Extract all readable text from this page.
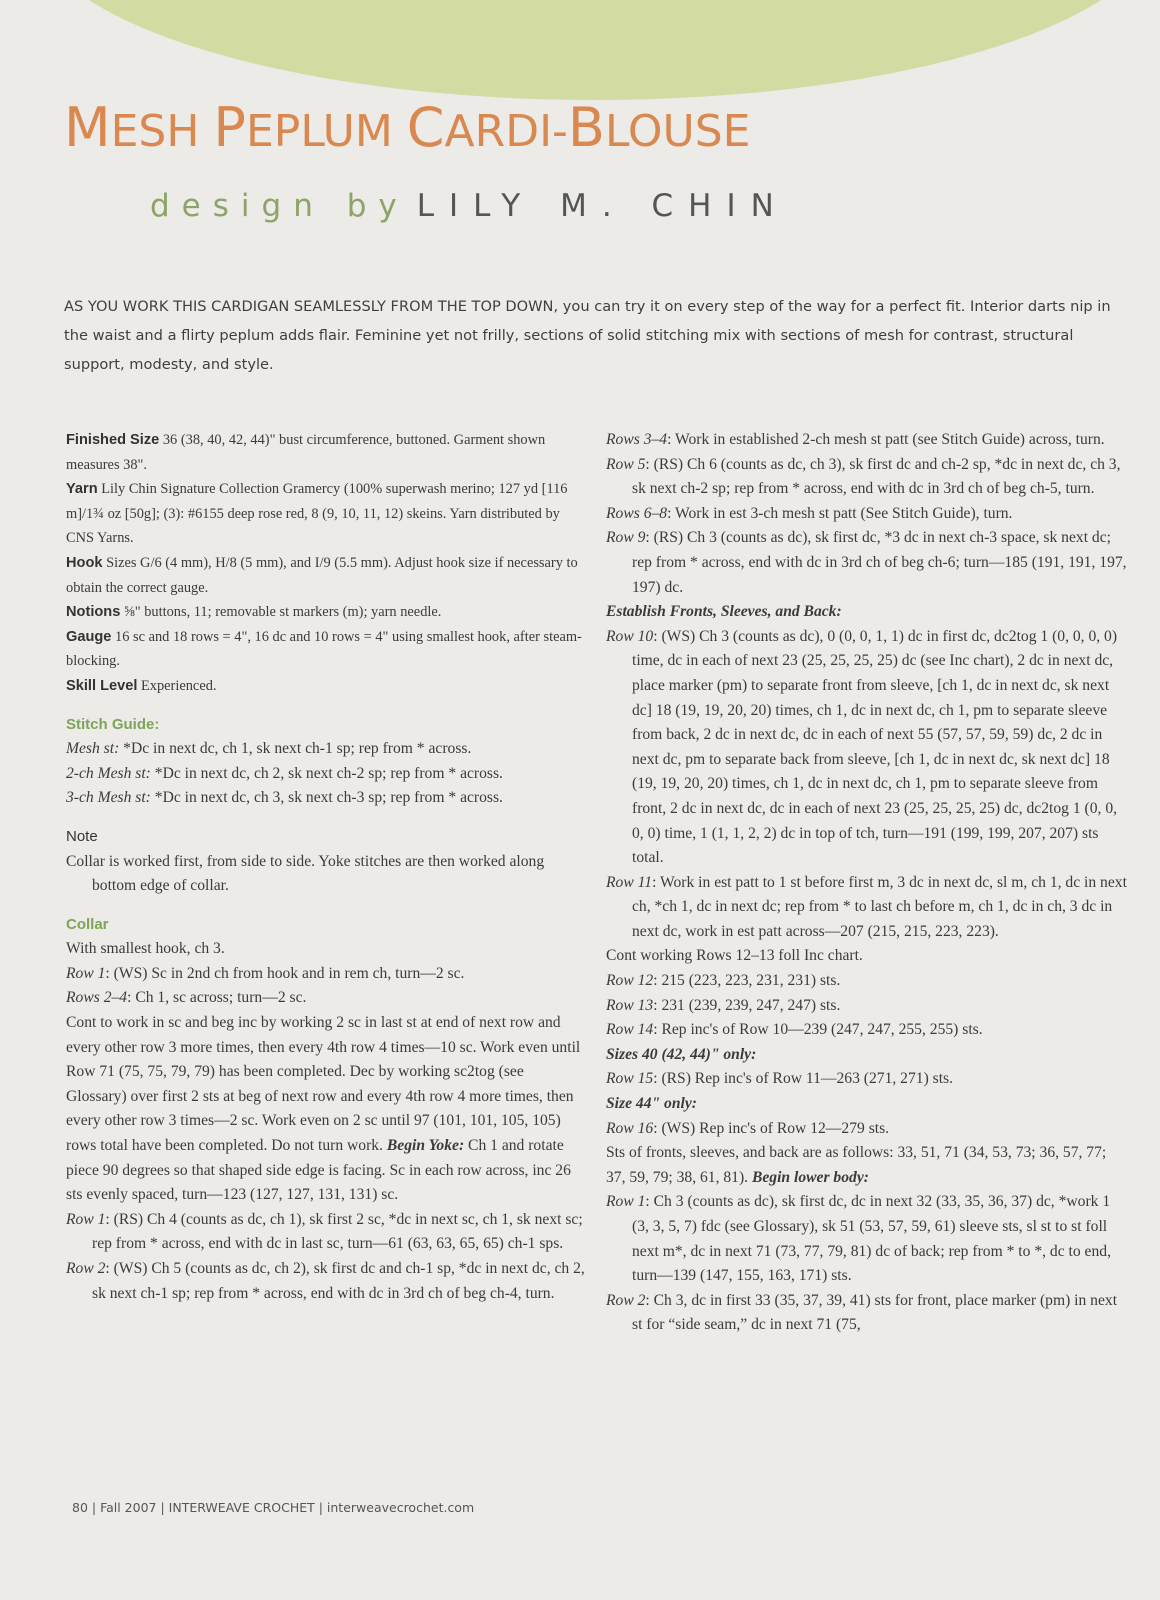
MESH PEPLUM CARDI-BLOUSE
design by LILY M. CHIN
AS YOU WORK THIS CARDIGAN SEAMLESSLY FROM THE TOP DOWN, you can try it on every step of the way for a perfect fit. Interior darts nip in the waist and a flirty peplum adds flair. Feminine yet not frilly, sections of solid stitching mix with sections of mesh for contrast, structural support, modesty, and style.

Finished Size 36 (38, 40, 42, 44)" bust circumference, buttoned. Garment shown measures 38".

Yarn Lily Chin Signature Collection Gramercy (100% superwash merino; 127 yd [116 m]/1¾ oz [50g]; (3): #6155 deep rose red, 8 (9, 10, 11, 12) skeins. Yarn distributed by CNS Yarns.

Hook Sizes G/6 (4 mm), H/8 (5 mm), and I/9 (5.5 mm). Adjust hook size if necessary to obtain the correct gauge.

Notions ⅝" buttons, 11; removable st markers (m); yarn needle.

Gauge 16 sc and 18 rows = 4", 16 dc and 10 rows = 4" using smallest hook, after steam-blocking.

Skill Level Experienced.

Stitch Guide:

Mesh st: *Dc in next dc, ch 1, sk next ch-1 sp; rep from * across.

2-ch Mesh st: *Dc in next dc, ch 2, sk next ch-2 sp; rep from * across.

3-ch Mesh st: *Dc in next dc, ch 3, sk next ch-3 sp; rep from * across.

Note

Collar is worked first, from side to side. Yoke stitches are then worked along bottom edge of collar.

Collar

With smallest hook, ch 3.

Row 1: (WS) Sc in 2nd ch from hook and in rem ch, turn—2 sc.

Rows 2–4: Ch 1, sc across; turn—2 sc.

Cont to work in sc and beg inc by working 2 sc in last st at end of next row and every other row 3 more times, then every 4th row 4 times—10 sc. Work even until Row 71 (75, 75, 79, 79) has been completed. Dec by working sc2tog (see Glossary) over first 2 sts at beg of next row and every 4th row 4 more times, then every other row 3 times—2 sc. Work even on 2 sc until 97 (101, 101, 105, 105) rows total have been completed. Do not turn work. Begin Yoke: Ch 1 and rotate piece 90 degrees so that shaped side edge is facing. Sc in each row across, inc 26 sts evenly spaced, turn—123 (127, 127, 131, 131) sc.

Row 1: (RS) Ch 4 (counts as dc, ch 1), sk first 2 sc, *dc in next sc, ch 1, sk next sc; rep from * across, end with dc in last sc, turn—61 (63, 63, 65, 65) ch-1 sps.

Row 2: (WS) Ch 5 (counts as dc, ch 2), sk first dc and ch-1 sp, *dc in next dc, ch 2, sk next ch-1 sp; rep from * across, end with dc in 3rd ch of beg ch-4, turn.

Rows 3–4: Work in established 2-ch mesh st patt (see Stitch Guide) across, turn.

Row 5: (RS) Ch 6 (counts as dc, ch 3), sk first dc and ch-2 sp, *dc in next dc, ch 3, sk next ch-2 sp; rep from * across, end with dc in 3rd ch of beg ch-5, turn.

Rows 6–8: Work in est 3-ch mesh st patt (See Stitch Guide), turn.

Row 9: (RS) Ch 3 (counts as dc), sk first dc, *3 dc in next ch-3 space, sk next dc; rep from * across, end with dc in 3rd ch of beg ch-6; turn—185 (191, 191, 197, 197) dc.

Establish Fronts, Sleeves, and Back:

Row 10: (WS) Ch 3 (counts as dc), 0 (0, 0, 1, 1) dc in first dc, dc2tog 1 (0, 0, 0, 0) time, dc in each of next 23 (25, 25, 25, 25) dc (see Inc chart), 2 dc in next dc, place marker (pm) to separate front from sleeve, [ch 1, dc in next dc, sk next dc] 18 (19, 19, 20, 20) times, ch 1, dc in next dc, ch 1, pm to separate sleeve from back, 2 dc in next dc, dc in each of next 55 (57, 57, 59, 59) dc, 2 dc in next dc, pm to separate back from sleeve, [ch 1, dc in next dc, sk next dc] 18 (19, 19, 20, 20) times, ch 1, dc in next dc, ch 1, pm to separate sleeve from front, 2 dc in next dc, dc in each of next 23 (25, 25, 25, 25) dc, dc2tog 1 (0, 0, 0, 0) time, 1 (1, 1, 2, 2) dc in top of tch, turn—191 (199, 199, 207, 207) sts total.

Row 11: Work in est patt to 1 st before first m, 3 dc in next dc, sl m, ch 1, dc in next ch, *ch 1, dc in next dc; rep from * to last ch before m, ch 1, dc in ch, 3 dc in next dc, work in est patt across—207 (215, 215, 223, 223).

Cont working Rows 12–13 foll Inc chart.

Row 12: 215 (223, 223, 231, 231) sts.

Row 13: 231 (239, 239, 247, 247) sts.

Row 14: Rep inc's of Row 10—239 (247, 247, 255, 255) sts.

Sizes 40 (42, 44)" only:

Row 15: (RS) Rep inc's of Row 11—263 (271, 271) sts.

Size 44" only:

Row 16: (WS) Rep inc's of Row 12—279 sts.

Sts of fronts, sleeves, and back are as follows: 33, 51, 71 (34, 53, 73; 36, 57, 77; 37, 59, 79; 38, 61, 81). Begin lower body:

Row 1: Ch 3 (counts as dc), sk first dc, dc in next 32 (33, 35, 36, 37) dc, *work 1 (3, 3, 5, 7) fdc (see Glossary), sk 51 (53, 57, 59, 61) sleeve sts, sl st to st foll next m*, dc in next 71 (73, 77, 79, 81) dc of back; rep from * to *, dc to end, turn—139 (147, 155, 163, 171) sts.

Row 2: Ch 3, dc in first 33 (35, 37, 39, 41) sts for front, place marker (pm) in next st for “side seam,” dc in next 71 (75,

80 | Fall 2007 | INTERWEAVE CROCHET | interweavecrochet.com
